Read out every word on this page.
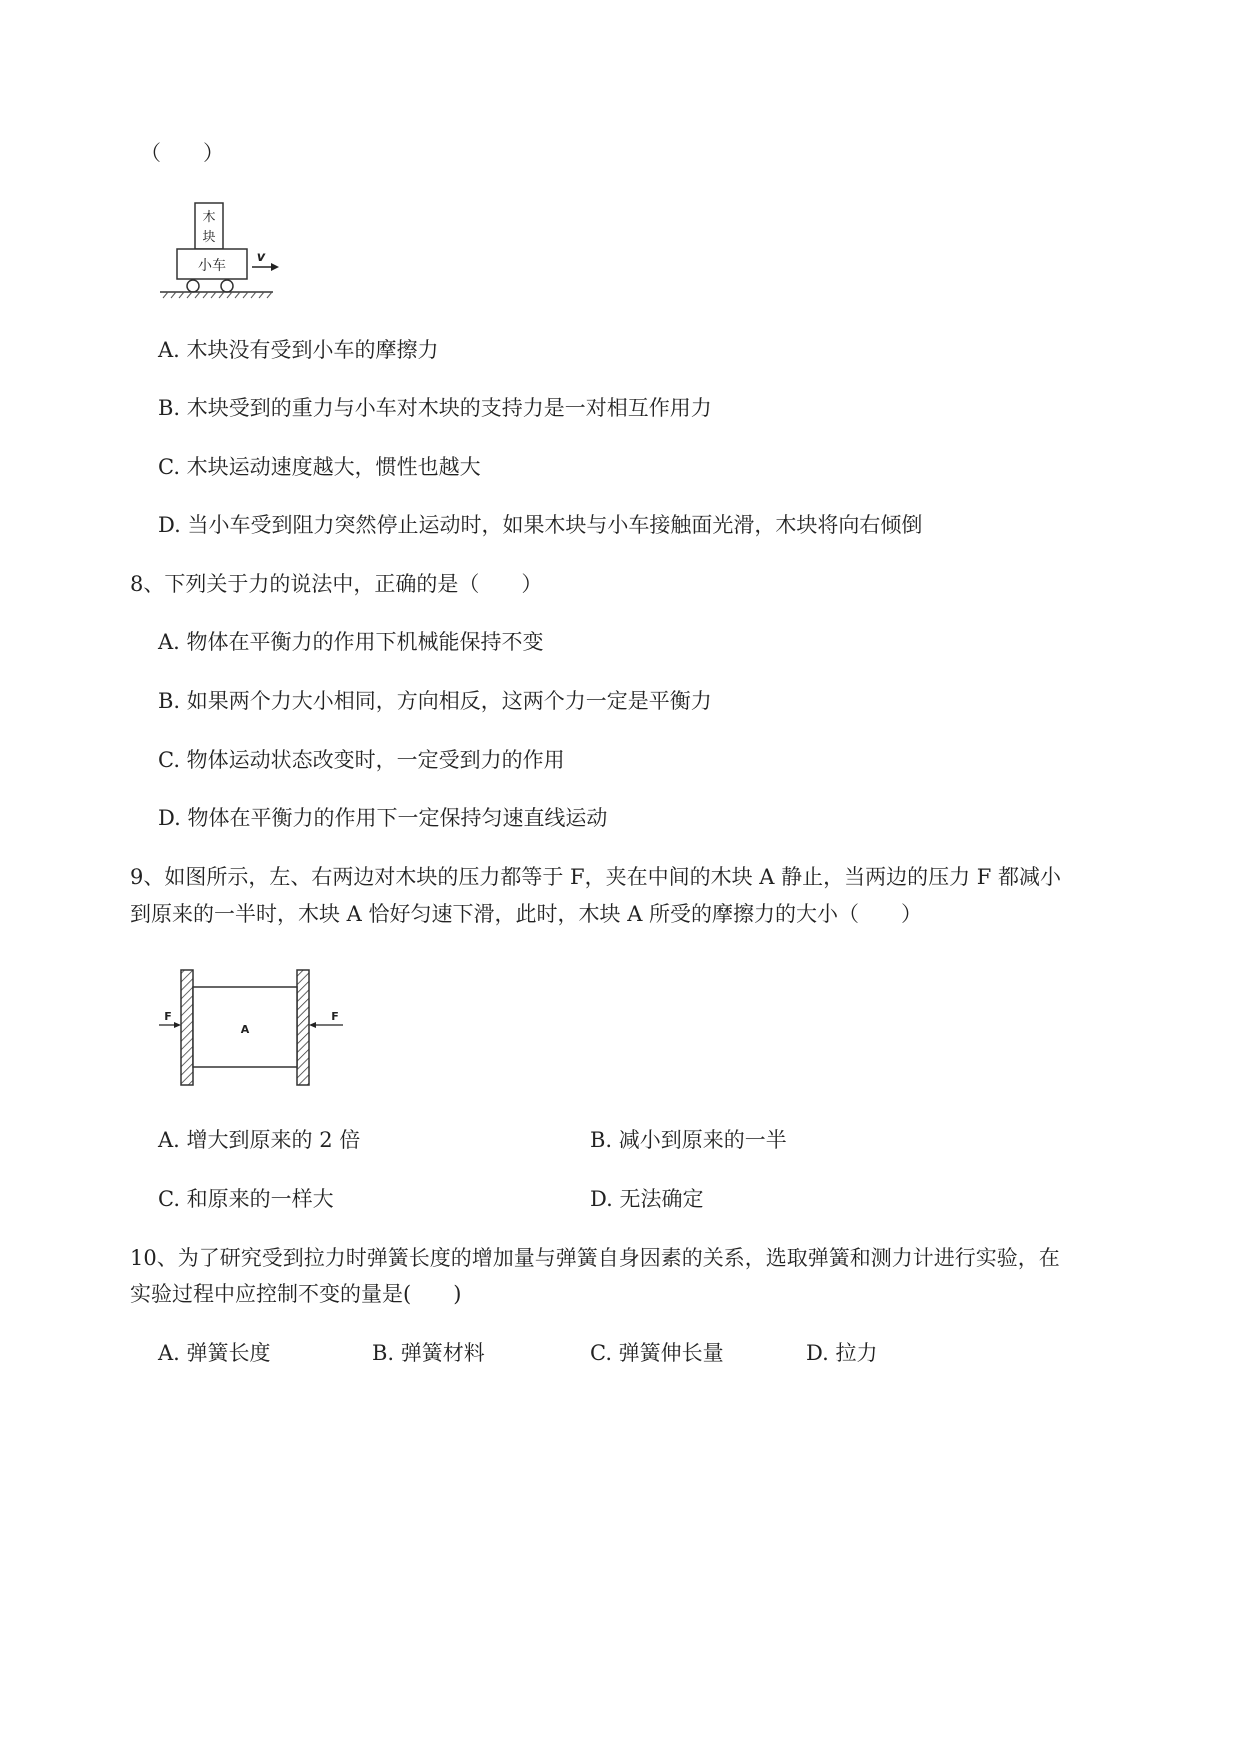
（　　）
木
块
小车
v
A. 木块没有受到小车的摩擦力
B. 木块受到的重力与小车对木块的支持力是一对相互作用力
C. 木块运动速度越大，惯性也越大
D. 当小车受到阻力突然停止运动时，如果木块与小车接触面光滑，木块将向右倾倒
8、下列关于力的说法中，正确的是（　　）
A. 物体在平衡力的作用下机械能保持不变
B. 如果两个力大小相同，方向相反，这两个力一定是平衡力
C. 物体运动状态改变时，一定受到力的作用
D. 物体在平衡力的作用下一定保持匀速直线运动
9、如图所示，左、右两边对木块的压力都等于 F，夹在中间的木块 A 静止，当两边的压力 F 都减小
到原来的一半时，木块 A 恰好匀速下滑，此时，木块 A 所受的摩擦力的大小（　　）
A
F	F
A. 增大到原来的 2 倍	B. 减小到原来的一半
C. 和原来的一样大	D. 无法确定
10、为了研究受到拉力时弹簧长度的增加量与弹簧自身因素的关系，选取弹簧和测力计进行实验，在
实验过程中应控制不变的量是(　　)
A. 弹簧长度	B. 弹簧材料	C. 弹簧伸长量	D. 拉力
